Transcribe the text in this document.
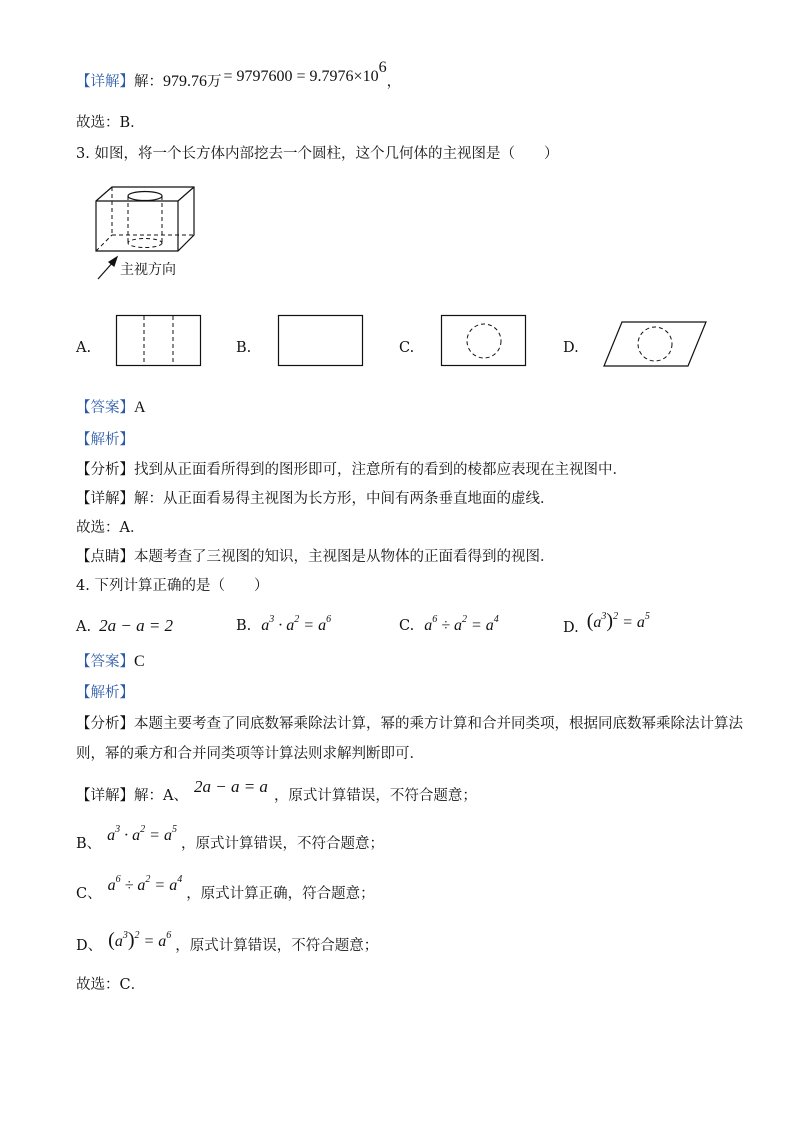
【详解】解：979.76万 = $9797600 = 9.7976\times 10^6$，
故选：B．
3. 如图，将一个长方体内部挖去一个圆柱，这个几何体的主视图是（　　）
主视方向
A.	B.	C.	D.
【答案】A
【解析】
【分析】找到从正面看所得到的图形即可，注意所有的看到的棱都应表现在主视图中．
【详解】解：从正面看易得主视图为长方形，中间有两条垂直地面的虚线．
故选：A．
【点睛】本题考查了三视图的知识，主视图是从物体的正面看得到的视图．
4. 下列计算正确的是（　　）
A. 2a − a = 2	B. $a^3 \cdot a^2 = a^6$	C. $a^6 \div a^2 = a^4$
D. $(a^3)^2 = a^5$
【答案】C
【解析】
【分析】本题主要考查了同底数幂乘除法计算，幂的乘方计算和合并同类项，根据同底数幂乘除法计算法
则，幂的乘方和合并同类项等计算法则求解判断即可．
【详解】解：A、 2a − a = a ，原式计算错误，不符合题意；
B、 $a^3 \cdot a^2 = a^5$，原式计算错误，不符合题意；
C、 $a^6 \div a^2 = a^4$，原式计算正确，符合题意；
D、 $(a^3)^2 = a^6$，原式计算错误，不符合题意；
故选：C．
